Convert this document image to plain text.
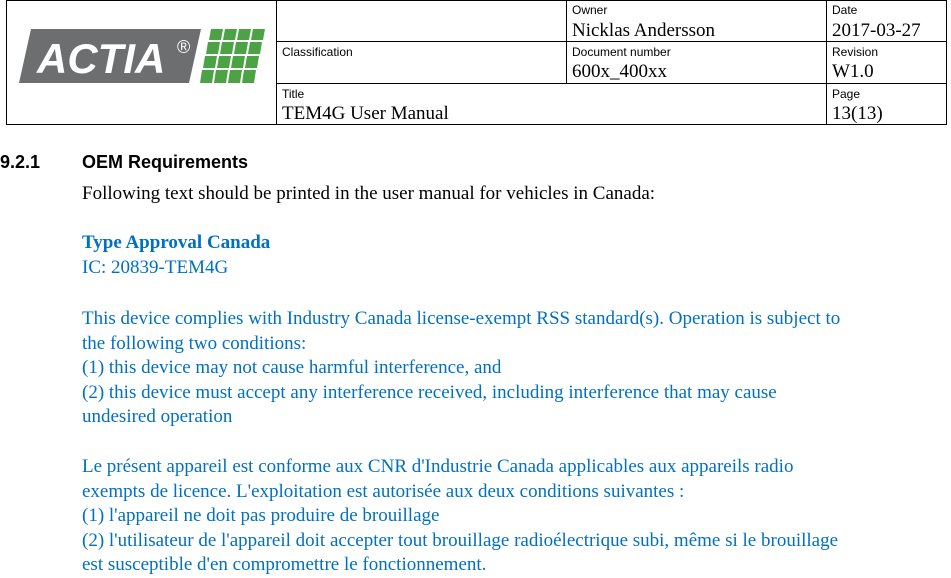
ACTIA ®
Owner
Nicklas Andersson
Date
2017-03-27
Classification	Document number
600x_400xx
Revision
W1.0
Title
TEM4G User Manual
Page
13(13)
9.2.1 OEM Requirements
Following text should be printed in the user manual for vehicles in Canada:
Type Approval Canada
IC: 20839-TEM4G
This device complies with Industry Canada license-exempt RSS standard(s). Operation is subject to
the following two conditions:
(1) this device may not cause harmful interference, and
(2) this device must accept any interference received, including interference that may cause
undesired operation
Le présent appareil est conforme aux CNR d'Industrie Canada applicables aux appareils radio
exempts de licence. L'exploitation est autorisée aux deux conditions suivantes :
(1) l'appareil ne doit pas produire de brouillage
(2) l'utilisateur de l'appareil doit accepter tout brouillage radioélectrique subi, même si le brouillage
est susceptible d'en compromettre le fonctionnement.
